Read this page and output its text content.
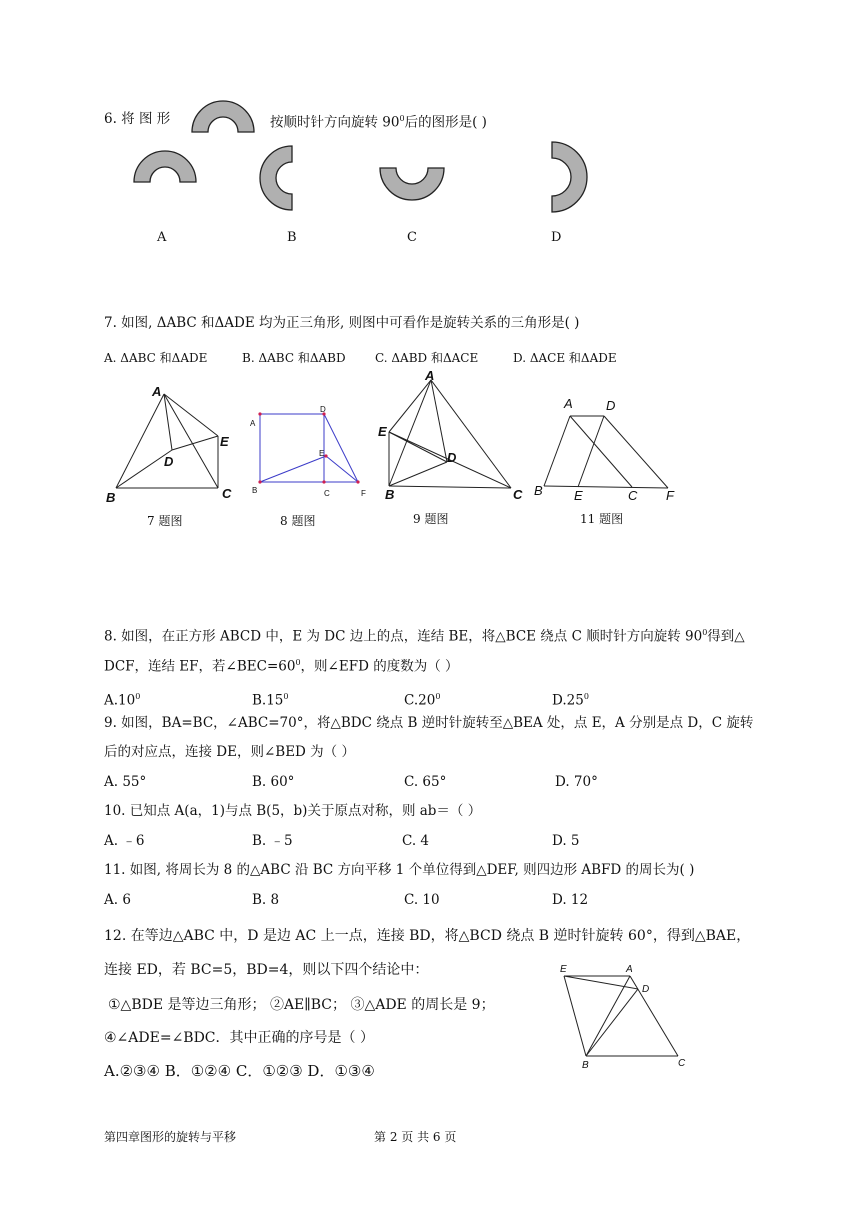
6. 将 图 形	按顺时针方向旋转 $90^0$后的图形是( )
A	B	C	D
7. 如图, ΔABC 和ΔADE 均为正三角形, 则图中可看作是旋转关系的三角形是( )
A. ΔABC 和ΔADE	B. ΔABC 和ΔABD C. ΔABD 和ΔACE	D. ΔACE 和ΔADE
A
E
D
B	C
7 题图
A
D
E
B	C	F
8 题图
A
E
D
B	C
9 题图
A	D
B E	C F
11 题图
8. 如图，在正方形 ABCD 中，E 为 DC 边上的点，连结 BE，将△BCE 绕点 C 顺时针方向旋转 $90^0$得到△
DCF，连结 EF，若$\angle BEC=60^0$，则∠EFD 的度数为（ ）
$A.10^0$	$B.15^0$	$C.20^0$	$D.25^0$
9. 如图，BA=BC，∠ABC=70°，将△BDC 绕点 B 逆时针旋转至△BEA 处，点 E，A 分别是点 D，C 旋转
后的对应点，连接 DE，则∠BED 为（ ）
A. 55°	B. 60°	C. 65°	D. 70°
10. 已知点 A(a，1)与点 B(5，b)关于原点对称，则 ab＝（ ）
A. ﹣6	B. ﹣5	C. 4	D. 5
11. 如图, 将周长为 8 的△ABC 沿 BC 方向平移 1 个单位得到△DEF, 则四边形 ABFD 的周长为( )
A. 6	B. 8	C. 10	D. 12
12. 在等边△ABC 中，D 是边 AC 上一点，连接 BD，将△BCD 绕点 B 逆时针旋转 60°，得到△BAE，
连接 ED，若 BC=5，BD=4，则以下四个结论中：
①△BDE 是等边三角形； ②AE∥BC； ③△ADE 的周长是 9；
④∠ADE=∠BDC．其中正确的序号是（ ）
A.②③④ B．①②④ C．①②③ D．①③④
E	A
D
B	C
第四章图形的旋转与平移	第 2 页 共 6 页
